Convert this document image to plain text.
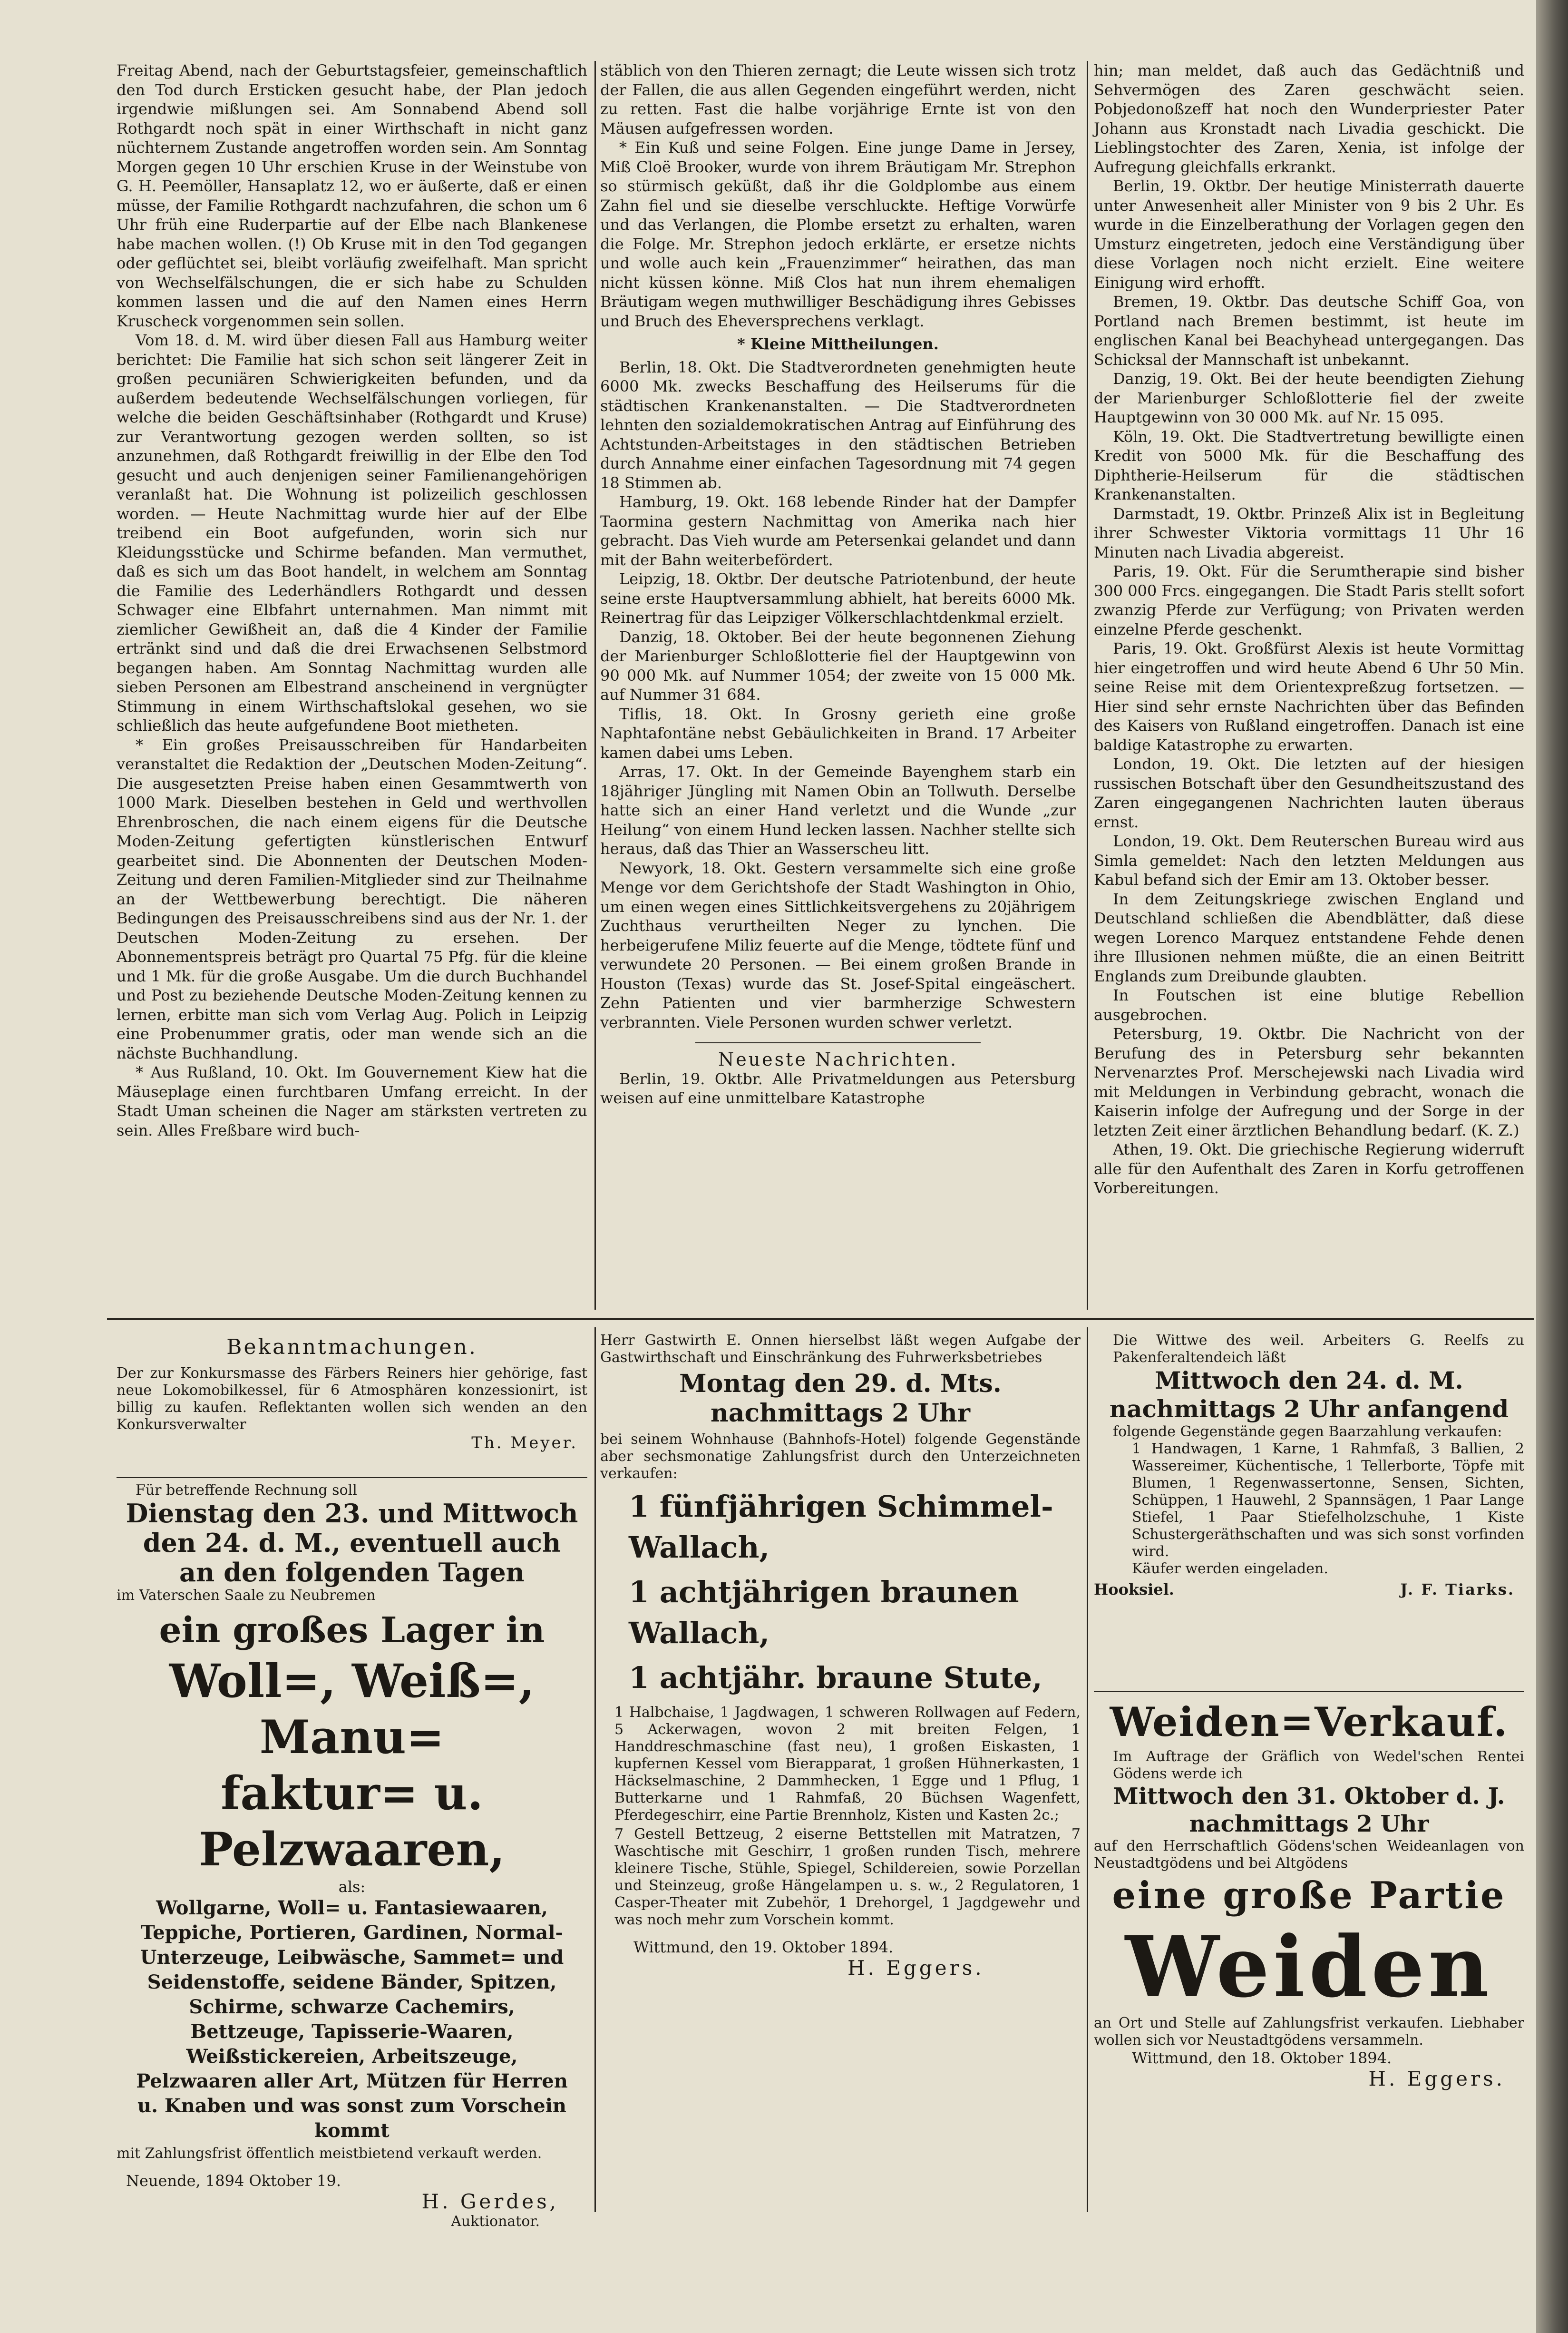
Freitag Abend, nach der Geburtstagsfeier, gemeinschaftlich den Tod durch Ersticken gesucht habe, der Plan jedoch irgendwie mißlungen sei. Am Sonnabend Abend soll Rothgardt noch spät in einer Wirthschaft in nicht ganz nüchternem Zustande angetroffen worden sein. Am Sonntag Morgen gegen 10 Uhr erschien Kruse in der Weinstube von G. H. Peemöller, Hansaplatz 12, wo er äußerte, daß er einen müsse, der Familie Rothgardt nachzufahren, die schon um 6 Uhr früh eine Ruderpartie auf der Elbe nach Blankenese habe machen wollen. (!) Ob Kruse mit in den Tod gegangen oder geflüchtet sei, bleibt vorläufig zweifelhaft. Man spricht von Wechselfälschungen, die er sich habe zu Schulden kommen lassen und die auf den Namen eines Herrn Kruscheck vorgenommen sein sollen.

Vom 18. d. M. wird über diesen Fall aus Hamburg weiter berichtet: Die Familie hat sich schon seit längerer Zeit in großen pecuniären Schwierigkeiten befunden, und da außerdem bedeutende Wechselfälschungen vorliegen, für welche die beiden Geschäftsinhaber (Rothgardt und Kruse) zur Verantwortung gezogen werden sollten, so ist anzunehmen, daß Rothgardt freiwillig in der Elbe den Tod gesucht und auch denjenigen seiner Familienangehörigen veranlaßt hat. Die Wohnung ist polizeilich geschlossen worden. — Heute Nachmittag wurde hier auf der Elbe treibend ein Boot aufgefunden, worin sich nur Kleidungsstücke und Schirme befanden. Man vermuthet, daß es sich um das Boot handelt, in welchem am Sonntag die Familie des Lederhändlers Rothgardt und dessen Schwager eine Elbfahrt unternahmen. Man nimmt mit ziemlicher Gewißheit an, daß die 4 Kinder der Familie ertränkt sind und daß die drei Erwachsenen Selbstmord begangen haben. Am Sonntag Nachmittag wurden alle sieben Personen am Elbestrand anscheinend in vergnügter Stimmung in einem Wirthschaftslokal gesehen, wo sie schließlich das heute aufgefundene Boot mietheten.

* Ein großes Preisausschreiben für Handarbeiten veranstaltet die Redaktion der „Deutschen Moden-Zeitung“. Die ausgesetzten Preise haben einen Gesammtwerth von 1000 Mark. Dieselben bestehen in Geld und werthvollen Ehrenbroschen, die nach einem eigens für die Deutsche Moden-Zeitung gefertigten künstlerischen Entwurf gearbeitet sind. Die Abonnenten der Deutschen Moden-Zeitung und deren Familien-Mitglieder sind zur Theilnahme an der Wettbewerbung berechtigt. Die näheren Bedingungen des Preisausschreibens sind aus der Nr. 1. der Deutschen Moden-Zeitung zu ersehen. Der Abonnementspreis beträgt pro Quartal 75 Pfg. für die kleine und 1 Mk. für die große Ausgabe. Um die durch Buchhandel und Post zu beziehende Deutsche Moden-Zeitung kennen zu lernen, erbitte man sich vom Verlag Aug. Polich in Leipzig eine Probenummer gratis, oder man wende sich an die nächste Buchhandlung.

* Aus Rußland, 10. Okt. Im Gouvernement Kiew hat die Mäuseplage einen furchtbaren Umfang erreicht. In der Stadt Uman scheinen die Nager am stärksten vertreten zu sein. Alles Freßbare wird buch-

stäblich von den Thieren zernagt; die Leute wissen sich trotz der Fallen, die aus allen Gegenden eingeführt werden, nicht zu retten. Fast die halbe vorjährige Ernte ist von den Mäusen aufgefressen worden.

* Ein Kuß und seine Folgen. Eine junge Dame in Jersey, Miß Cloë Brooker, wurde von ihrem Bräutigam Mr. Strephon so stürmisch geküßt, daß ihr die Goldplombe aus einem Zahn fiel und sie dieselbe verschluckte. Heftige Vorwürfe und das Verlangen, die Plombe ersetzt zu erhalten, waren die Folge. Mr. Strephon jedoch erklärte, er ersetze nichts und wolle auch kein „Frauenzimmer“ heirathen, das man nicht küssen könne. Miß Clos hat nun ihrem ehemaligen Bräutigam wegen muthwilliger Beschädigung ihres Gebisses und Bruch des Eheversprechens verklagt.

* Kleine Mittheilungen.

Berlin, 18. Okt. Die Stadtverordneten genehmigten heute 6000 Mk. zwecks Beschaffung des Heilserums für die städtischen Krankenanstalten. — Die Stadtverordneten lehnten den sozialdemokratischen Antrag auf Einführung des Achtstunden-Arbeitstages in den städtischen Betrieben durch Annahme einer einfachen Tagesordnung mit 74 gegen 18 Stimmen ab.

Hamburg, 19. Okt. 168 lebende Rinder hat der Dampfer Taormina gestern Nachmittag von Amerika nach hier gebracht. Das Vieh wurde am Petersenkai gelandet und dann mit der Bahn weiterbefördert.

Leipzig, 18. Oktbr. Der deutsche Patriotenbund, der heute seine erste Hauptversammlung abhielt, hat bereits 6000 Mk. Reinertrag für das Leipziger Völkerschlachtdenkmal erzielt.

Danzig, 18. Oktober. Bei der heute begonnenen Ziehung der Marienburger Schloßlotterie fiel der Hauptgewinn von 90 000 Mk. auf Nummer 1054; der zweite von 15 000 Mk. auf Nummer 31 684.

Tiflis, 18. Okt. In Grosny gerieth eine große Naphtafontäne nebst Gebäulichkeiten in Brand. 17 Arbeiter kamen dabei ums Leben.

Arras, 17. Okt. In der Gemeinde Bayenghem starb ein 18jähriger Jüngling mit Namen Obin an Tollwuth. Derselbe hatte sich an einer Hand verletzt und die Wunde „zur Heilung“ von einem Hund lecken lassen. Nachher stellte sich heraus, daß das Thier an Wasserscheu litt.

Newyork, 18. Okt. Gestern versammelte sich eine große Menge vor dem Gerichtshofe der Stadt Washington in Ohio, um einen wegen eines Sittlichkeitsvergehens zu 20jährigem Zuchthaus verurtheilten Neger zu lynchen. Die herbeigerufene Miliz feuerte auf die Menge, tödtete fünf und verwundete 20 Personen. — Bei einem großen Brande in Houston (Texas) wurde das St. Josef-Spital eingeäschert. Zehn Patienten und vier barmherzige Schwestern verbrannten. Viele Personen wurden schwer verletzt.

Neueste Nachrichten.

Berlin, 19. Oktbr. Alle Privatmeldungen aus Petersburg weisen auf eine unmittelbare Katastrophe

hin; man meldet, daß auch das Gedächtniß und Sehvermögen des Zaren geschwächt seien. Pobjedonoßzeff hat noch den Wunderpriester Pater Johann aus Kronstadt nach Livadia geschickt. Die Lieblingstochter des Zaren, Xenia, ist infolge der Aufregung gleichfalls erkrankt.

Berlin, 19. Oktbr. Der heutige Ministerrath dauerte unter Anwesenheit aller Minister von 9 bis 2 Uhr. Es wurde in die Einzelberathung der Vorlagen gegen den Umsturz eingetreten, jedoch eine Verständigung über diese Vorlagen noch nicht erzielt. Eine weitere Einigung wird erhofft.

Bremen, 19. Oktbr. Das deutsche Schiff Goa, von Portland nach Bremen bestimmt, ist heute im englischen Kanal bei Beachyhead untergegangen. Das Schicksal der Mannschaft ist unbekannt.

Danzig, 19. Okt. Bei der heute beendigten Ziehung der Marienburger Schloßlotterie fiel der zweite Hauptgewinn von 30 000 Mk. auf Nr. 15 095.

Köln, 19. Okt. Die Stadtvertretung bewilligte einen Kredit von 5000 Mk. für die Beschaffung des Diphtherie-Heilserum für die städtischen Krankenanstalten.

Darmstadt, 19. Oktbr. Prinzeß Alix ist in Begleitung ihrer Schwester Viktoria vormittags 11 Uhr 16 Minuten nach Livadia abgereist.

Paris, 19. Okt. Für die Serumtherapie sind bisher 300 000 Frcs. eingegangen. Die Stadt Paris stellt sofort zwanzig Pferde zur Verfügung; von Privaten werden einzelne Pferde geschenkt.

Paris, 19. Okt. Großfürst Alexis ist heute Vormittag hier eingetroffen und wird heute Abend 6 Uhr 50 Min. seine Reise mit dem Orientexpreßzug fortsetzen. — Hier sind sehr ernste Nachrichten über das Befinden des Kaisers von Rußland eingetroffen. Danach ist eine baldige Katastrophe zu erwarten.

London, 19. Okt. Die letzten auf der hiesigen russischen Botschaft über den Gesundheitszustand des Zaren eingegangenen Nachrichten lauten überaus ernst.

London, 19. Okt. Dem Reuterschen Bureau wird aus Simla gemeldet: Nach den letzten Meldungen aus Kabul befand sich der Emir am 13. Oktober besser.

In dem Zeitungskriege zwischen England und Deutschland schließen die Abendblätter, daß diese wegen Lorenco Marquez entstandene Fehde denen ihre Illusionen nehmen müßte, die an einen Beitritt Englands zum Dreibunde glaubten.

In Foutschen ist eine blutige Rebellion ausgebrochen.

Petersburg, 19. Oktbr. Die Nachricht von der Berufung des in Petersburg sehr bekannten Nervenarztes Prof. Merschejewski nach Livadia wird mit Meldungen in Verbindung gebracht, wonach die Kaiserin infolge der Aufregung und der Sorge in der letzten Zeit einer ärztlichen Behandlung bedarf. (K. Z.)

Athen, 19. Okt. Die griechische Regierung widerruft alle für den Aufenthalt des Zaren in Korfu getroffenen Vorbereitungen.

Bekanntmachungen.

Der zur Konkursmasse des Färbers Reiners hier gehörige, fast neue Lokomobilkessel, für 6 Atmosphären konzessionirt, ist billig zu kaufen. Reflektanten wollen sich wenden an den Konkursverwalter

Th. Meyer.
Für betreffende Rechnung soll
Dienstag den 23. und Mittwoch
den 24. d. M., eventuell auch
an den folgenden Tagen
im Vaterschen Saale zu Neubremen
ein großes Lager in
Woll=, Weiß=, Manu=
faktur= u. Pelzwaaren,
als:
Wollgarne, Woll= u. Fantasiewaaren, Teppiche, Portieren, Gardinen, Normal-Unterzeuge, Leibwäsche, Sammet= und Seidenstoffe, seidene Bänder, Spitzen, Schirme, schwarze Cachemirs, Bettzeuge, Tapisserie-Waaren, Weißstickereien, Arbeitszeuge, Pelzwaaren aller Art, Mützen für Herren u. Knaben und was sonst zum Vorschein kommt

mit Zahlungsfrist öffentlich meistbietend verkauft werden.

Neuende, 1894 Oktober 19.
H. Gerdes,
Auktionator.

Herr Gastwirth E. Onnen hierselbst läßt wegen Aufgabe der Gastwirthschaft und Einschränkung des Fuhrwerksbetriebes

Montag den 29. d. Mts.
nachmittags 2 Uhr

bei seinem Wohnhause (Bahnhofs-Hotel) folgende Gegenstände aber sechsmonatige Zahlungsfrist durch den Unterzeichneten verkaufen:

1 fünfjährigen Schimmel-Wallach,
1 achtjährigen braunen Wallach,
1 achtjähr. braune Stute,

1 Halbchaise, 1 Jagdwagen, 1 schweren Rollwagen auf Federn, 5 Ackerwagen, wovon 2 mit breiten Felgen, 1 Handdreschmaschine (fast neu), 1 großen Eiskasten, 1 kupfernen Kessel vom Bierapparat, 1 großen Hühnerkasten, 1 Häckselmaschine, 2 Dammhecken, 1 Egge und 1 Pflug, 1 Butterkarne und 1 Rahmfaß, 20 Büchsen Wagenfett, Pferdegeschirr, eine Partie Brennholz, Kisten und Kasten 2c.;

7 Gestell Bettzeug, 2 eiserne Bettstellen mit Matratzen, 7 Waschtische mit Geschirr, 1 großen runden Tisch, mehrere kleinere Tische, Stühle, Spiegel, Schildereien, sowie Porzellan und Steinzeug, große Hängelampen u. s. w., 2 Regulatoren, 1 Casper-Theater mit Zubehör, 1 Drehorgel, 1 Jagdgewehr und was noch mehr zum Vorschein kommt.

Wittmund, den 19. Oktober 1894.
H. Eggers.

Die Wittwe des weil. Arbeiters G. Reelfs zu Pakenferaltendeich läßt

Mittwoch den 24. d. M.
nachmittags 2 Uhr anfangend

folgende Gegenstände gegen Baarzahlung verkaufen:

1 Handwagen, 1 Karne, 1 Rahmfaß, 3 Ballien, 2 Wassereimer, Küchentische, 1 Tellerborte, Töpfe mit Blumen, 1 Regenwassertonne, Sensen, Sichten, Schüppen, 1 Hauwehl, 2 Spannsägen, 1 Paar Lange Stiefel, 1 Paar Stiefelholzschuhe, 1 Kiste Schustergeräthschaften und was sich sonst vorfinden wird.

Käufer werden eingeladen.

Hooksiel.	J. F. Tiarks.
Weiden=Verkauf.

Im Auftrage der Gräflich von Wedel'schen Rentei Gödens werde ich

Mittwoch den 31. Oktober d. J.
nachmittags 2 Uhr

auf den Herrschaftlich Gödens'schen Weideanlagen von Neustadtgödens und bei Altgödens

eine große Partie
Weiden

an Ort und Stelle auf Zahlungsfrist verkaufen. Liebhaber wollen sich vor Neustadtgödens versammeln.

Wittmund, den 18. Oktober 1894.
H. Eggers.
